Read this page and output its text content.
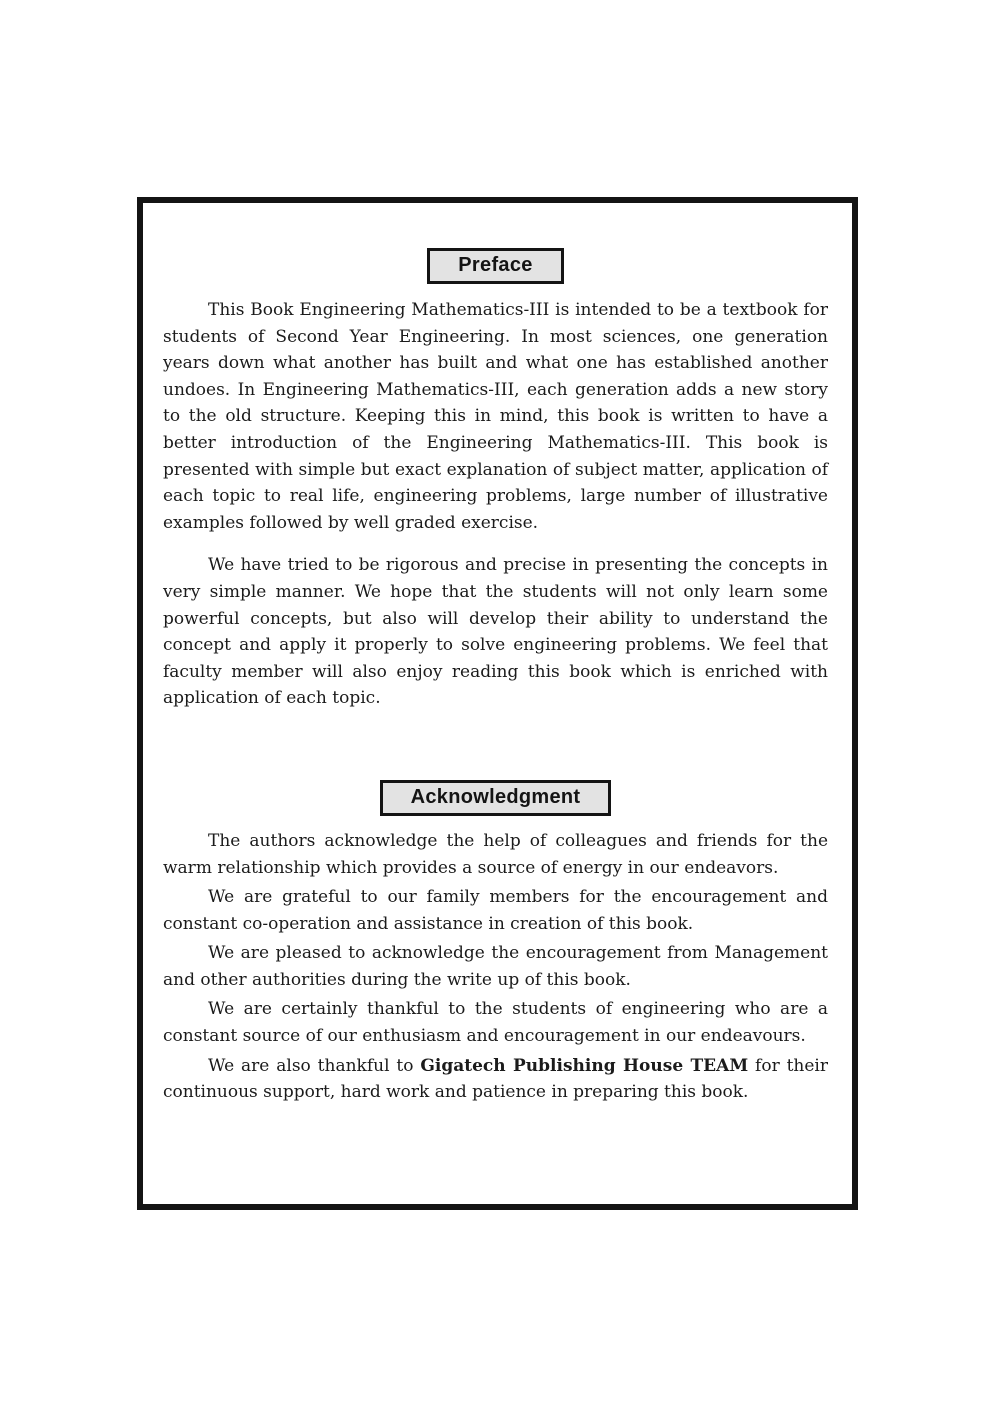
Preface

This Book Engineering Mathematics-III is intended to be a textbook for students of Second Year Engineering. In most sciences, one generation years down what another has built and what one has established another undoes. In Engineering Mathematics-III, each generation adds a new story to the old structure. Keeping this in mind, this book is written to have a better introduction of the Engineering Mathematics-III. This book is presented with simple but exact explanation of subject matter, application of each topic to real life, engineering problems, large number of illustrative examples followed by well graded exercise.

We have tried to be rigorous and precise in presenting the concepts in very simple manner. We hope that the students will not only learn some powerful concepts, but also will develop their ability to understand the concept and apply it properly to solve engineering problems. We feel that faculty member will also enjoy reading this book which is enriched with application of each topic.

Acknowledgment

The authors acknowledge the help of colleagues and friends for the warm relationship which provides a source of energy in our endeavors.

We are grateful to our family members for the encouragement and constant co-operation and assistance in creation of this book.

We are pleased to acknowledge the encouragement from Management and other authorities during the write up of this book.

We are certainly thankful to the students of engineering who are a constant source of our enthusiasm and encouragement in our endeavours.

We are also thankful to Gigatech Publishing House TEAM for their continuous support, hard work and patience in preparing this book.
